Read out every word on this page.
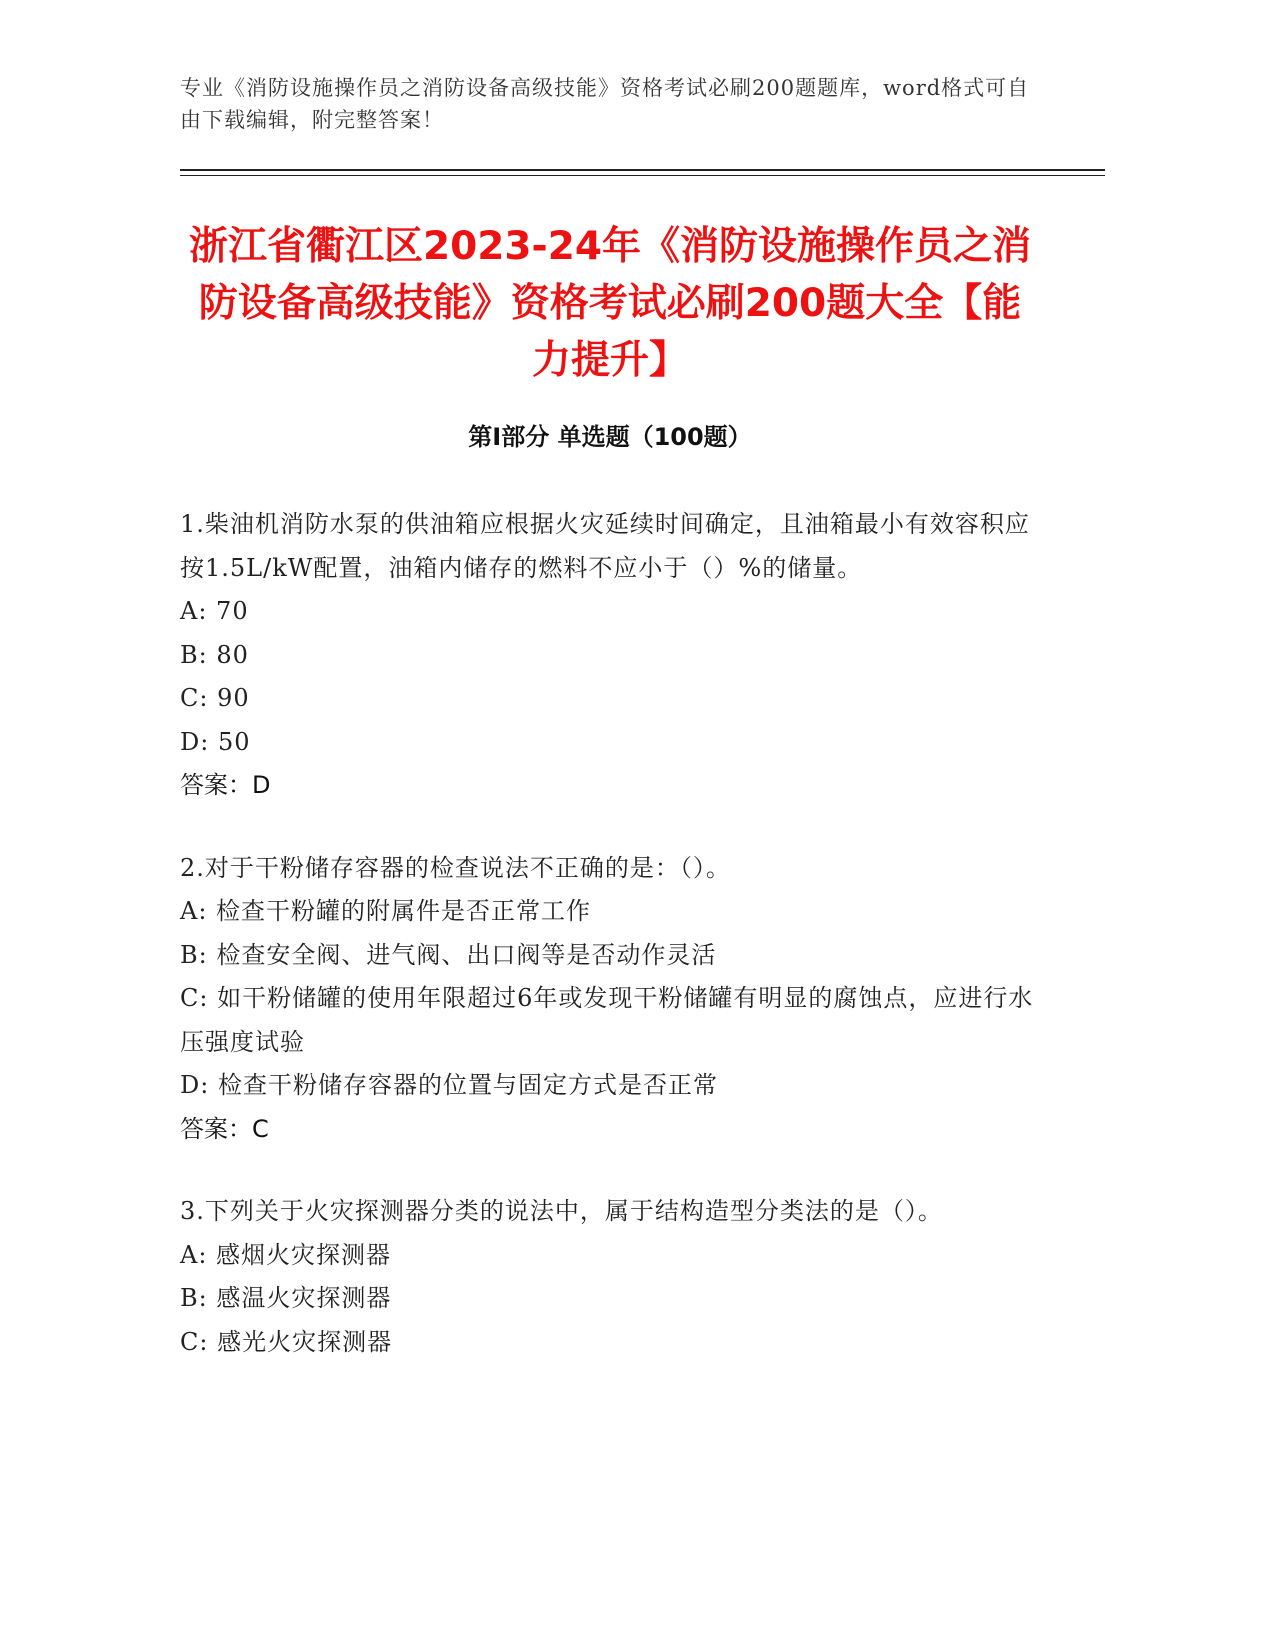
专业《消防设施操作员之消防设备高级技能》资格考试必刷200题题库，word格式可自由下载编辑，附完整答案！
浙江省衢江区2023-24年《消防设施操作员之消防设备高级技能》资格考试必刷200题大全【能力提升】
第Ⅰ部分 单选题（100题）
1.柴油机消防水泵的供油箱应根据火灾延续时间确定，且油箱最小有效容积应按1.5L/kW配置，油箱内储存的燃料不应小于（）%的储量。
A: 70
B: 80
C: 90
D: 50
答案：D
2.对于干粉储存容器的检查说法不正确的是：（）。
A: 检查干粉罐的附属件是否正常工作
B: 检查安全阀、进气阀、出口阀等是否动作灵活
C: 如干粉储罐的使用年限超过6年或发现干粉储罐有明显的腐蚀点，应进行水压强度试验
D: 检查干粉储存容器的位置与固定方式是否正常
答案：C
3.下列关于火灾探测器分类的说法中，属于结构造型分类法的是（）。
A: 感烟火灾探测器
B: 感温火灾探测器
C: 感光火灾探测器
